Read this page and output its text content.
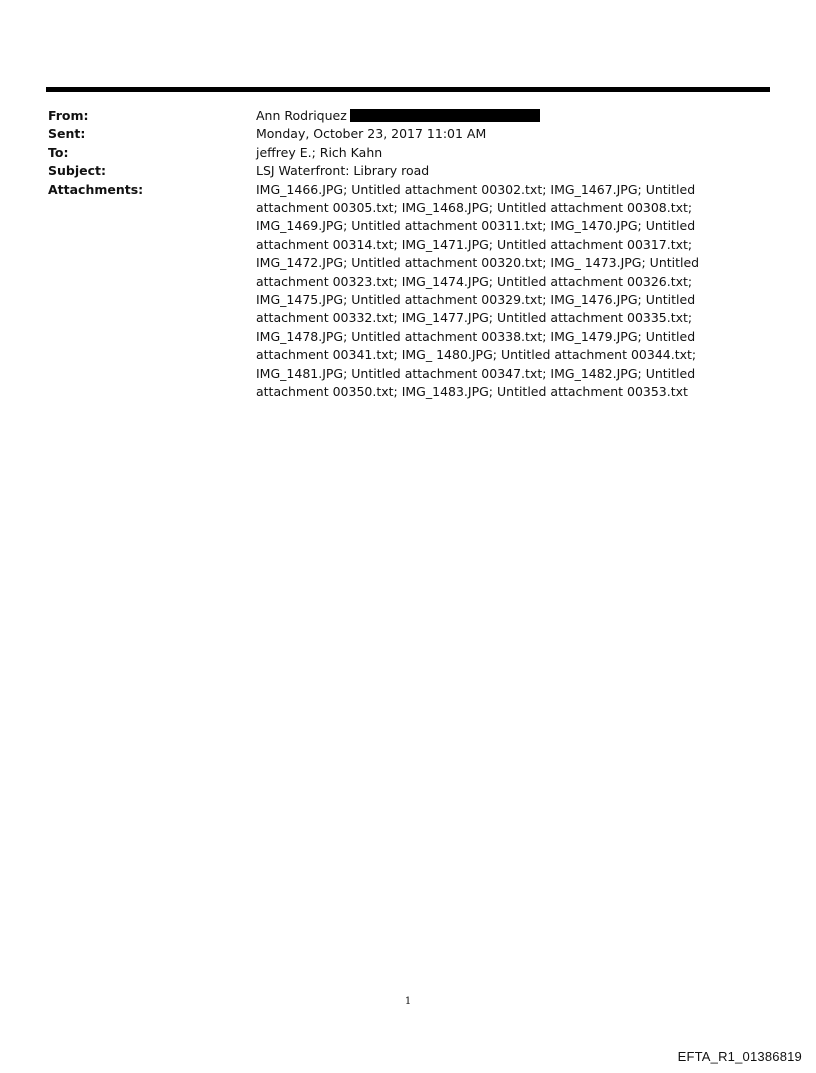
From:	Ann Rodriquez
Sent:	Monday, October 23, 2017 11:01 AM
To:	jeffrey E.; Rich Kahn
Subject:	LSJ Waterfront: Library road
Attachments:	IMG_1466.JPG; Untitled attachment 00302.txt; IMG_1467.JPG; Untitled attachment 00305.txt; IMG_1468.JPG; Untitled attachment 00308.txt; IMG_1469.JPG; Untitled attachment 00311.txt; IMG_1470.JPG; Untitled attachment 00314.txt; IMG_1471.JPG; Untitled attachment 00317.txt; IMG_1472.JPG; Untitled attachment 00320.txt; IMG_ 1473.JPG; Untitled attachment 00323.txt; IMG_1474.JPG; Untitled attachment 00326.txt; IMG_1475.JPG; Untitled attachment 00329.txt; IMG_1476.JPG; Untitled attachment 00332.txt; IMG_1477.JPG; Untitled attachment 00335.txt; IMG_1478.JPG; Untitled attachment 00338.txt; IMG_1479.JPG; Untitled attachment 00341.txt; IMG_ 1480.JPG; Untitled attachment 00344.txt; IMG_1481.JPG; Untitled attachment 00347.txt; IMG_1482.JPG; Untitled attachment 00350.txt; IMG_1483.JPG; Untitled attachment 00353.txt
1
EFTA_R1_01386819
